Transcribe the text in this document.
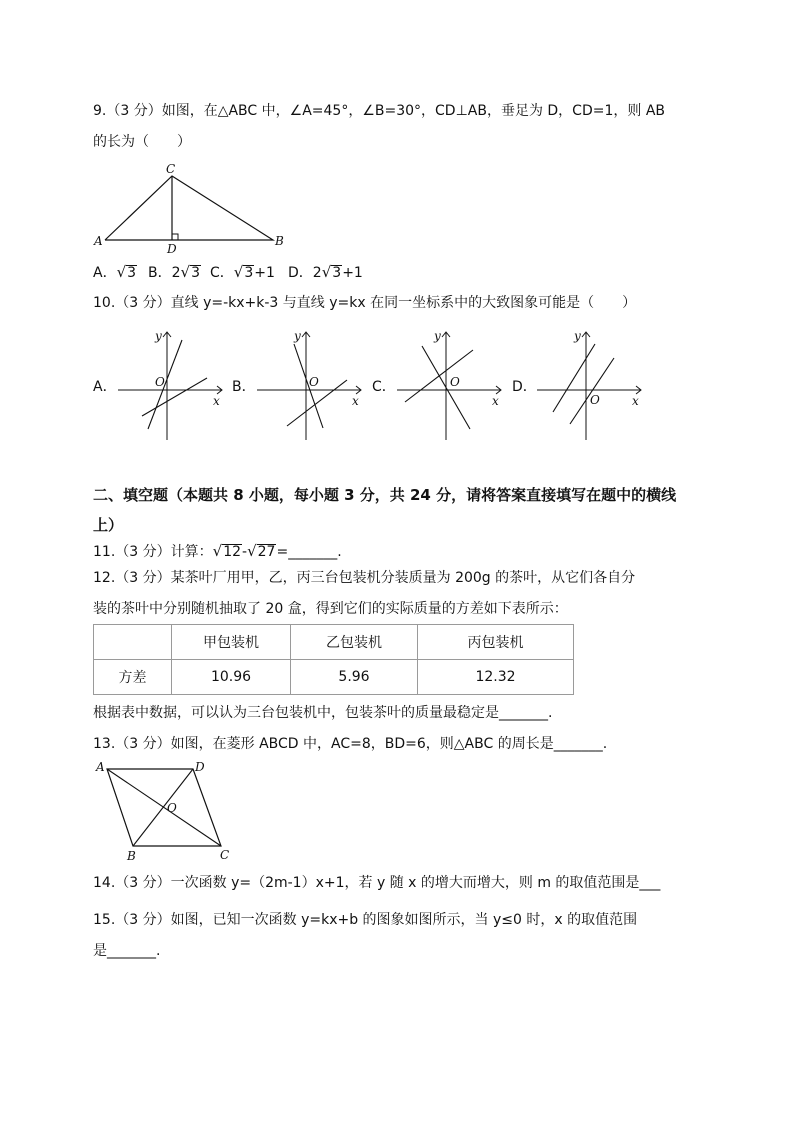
9.（3 分）如图，在△ABC 中，∠A=45°，∠B=30°，CD⊥AB，垂足为 D，CD=1，则 AB
的长为（　　）
C
A	B
D
A．√3 B．2√3 C．√3+1 D．2√3+1
10.（3 分）直线 y=-kx+k-3 与直线 y=kx 在同一坐标系中的大致图象可能是（　　）
A．
y
O
x
B．
y
O
x
C．
y
O
x
D．
y
O	x
二、填空题（本题共 8 小题，每小题 3 分，共 24 分，请将答案直接填写在题中的横线
上）
11.（3 分）计算：√12-√27=_______.
12.（3 分）某茶叶厂用甲，乙，丙三台包装机分装质量为 200g 的茶叶，从它们各自分
装的茶叶中分别随机抽取了 20 盒，得到它们的实际质量的方差如下表所示：
	甲包装机	乙包装机	丙包装机
方差	10.96	5.96	12.32
根据表中数据，可以认为三台包装机中，包装茶叶的质量最稳定是_______.
13.（3 分）如图，在菱形 ABCD 中，AC=8，BD=6，则△ABC 的周长是_______.
A	D
O
B	C
14.（3 分）一次函数 y=（2m-1）x+1，若 y 随 x 的增大而增大，则 m 的取值范围是___
15.（3 分）如图，已知一次函数 y=kx+b 的图象如图所示，当 y≤0 时，x 的取值范围
是_______.
